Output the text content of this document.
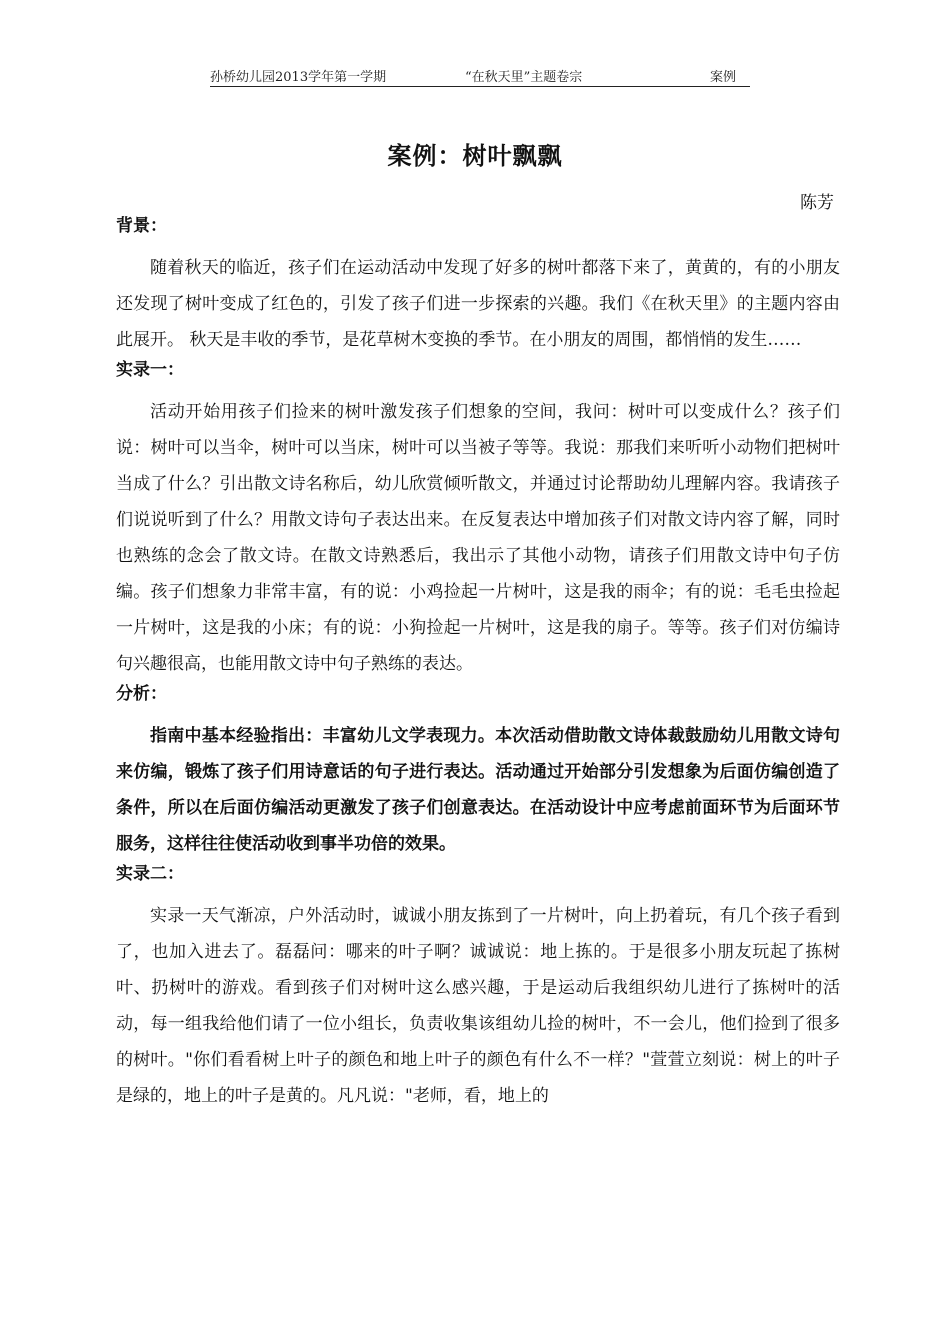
孙桥幼儿园2013学年第一学期	“在秋天里”主题卷宗	案例
案例：树叶飘飘
陈芳

背景：

随着秋天的临近，孩子们在运动活动中发现了好多的树叶都落下来了，黄黄的，有的小朋友还发现了树叶变成了红色的，引发了孩子们进一步探索的兴趣。我们《在秋天里》的主题内容由此展开。 秋天是丰收的季节，是花草树木变换的季节。在小朋友的周围，都悄悄的发生……

实录一：

活动开始用孩子们捡来的树叶激发孩子们想象的空间，我问：树叶可以变成什么？孩子们说：树叶可以当伞，树叶可以当床，树叶可以当被子等等。我说：那我们来听听小动物们把树叶当成了什么？引出散文诗名称后，幼儿欣赏倾听散文，并通过讨论帮助幼儿理解内容。我请孩子们说说听到了什么？用散文诗句子表达出来。在反复表达中增加孩子们对散文诗内容了解，同时也熟练的念会了散文诗。在散文诗熟悉后，我出示了其他小动物，请孩子们用散文诗中句子仿编。孩子们想象力非常丰富，有的说：小鸡捡起一片树叶，这是我的雨伞；有的说：毛毛虫捡起一片树叶，这是我的小床；有的说：小狗捡起一片树叶，这是我的扇子。等等。孩子们对仿编诗句兴趣很高，也能用散文诗中句子熟练的表达。

分析：

指南中基本经验指出：丰富幼儿文学表现力。本次活动借助散文诗体裁鼓励幼儿用散文诗句来仿编，锻炼了孩子们用诗意话的句子进行表达。活动通过开始部分引发想象为后面仿编创造了条件，所以在后面仿编活动更激发了孩子们创意表达。在活动设计中应考虑前面环节为后面环节服务，这样往往使活动收到事半功倍的效果。

实录二：

实录一天气渐凉，户外活动时，诚诚小朋友拣到了一片树叶，向上扔着玩，有几个孩子看到了，也加入进去了。磊磊问：哪来的叶子啊？诚诚说：地上拣的。于是很多小朋友玩起了拣树叶、扔树叶的游戏。看到孩子们对树叶这么感兴趣，于是运动后我组织幼儿进行了拣树叶的活动，每一组我给他们请了一位小组长，负责收集该组幼儿捡的树叶，不一会儿，他们捡到了很多的树叶。"你们看看树上叶子的颜色和地上叶子的颜色有什么不一样？"萱萱立刻说：树上的叶子是绿的，地上的叶子是黄的。凡凡说："老师，看，地上的
